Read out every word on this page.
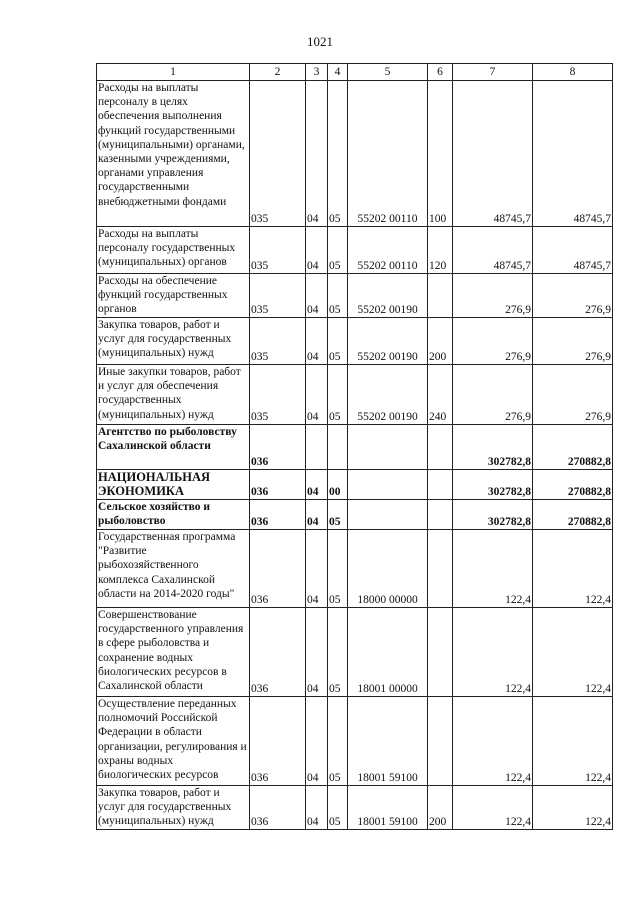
1021
1	2	3	4	5	6	7	8
Расходы на выплаты персоналу в целях обеспечения выполнения функций государственными (муниципальными) органами, казенными учреждениями, органами управления государственными внебюджетными фондами	035	04	05	55202 00110	100	48745,7	48745,7
Расходы на выплаты персоналу государственных (муниципальных) органов	035	04	05	55202 00110	120	48745,7	48745,7
Расходы на обеспечение функций государственных органов	035	04	05	55202 00190		276,9	276,9
Закупка товаров, работ и услуг для государственных (муниципальных) нужд	035	04	05	55202 00190	200	276,9	276,9
Иные закупки товаров, работ и услуг для обеспечения государственных (муниципальных) нужд	035	04	05	55202 00190	240	276,9	276,9
Агентство по рыболовству Сахалинской области	036					302782,8	270882,8
НАЦИОНАЛЬНАЯ ЭКОНОМИКА	036	04	00			302782,8	270882,8
Сельское хозяйство и рыболовство	036	04	05			302782,8	270882,8
Государственная программа "Развитие рыбохозяйственного комплекса Сахалинской области на 2014-2020 годы"	036	04	05	18000 00000		122,4	122,4
Совершенствование государственного управления в сфере рыболовства и сохранение водных биологических ресурсов в Сахалинской области	036	04	05	18001 00000		122,4	122,4
Осуществление переданных полномочий Российской Федерации в области организации, регулирования и охраны водных биологических ресурсов	036	04	05	18001 59100		122,4	122,4
Закупка товаров, работ и услуг для государственных (муниципальных) нужд	036	04	05	18001 59100	200	122,4	122,4
